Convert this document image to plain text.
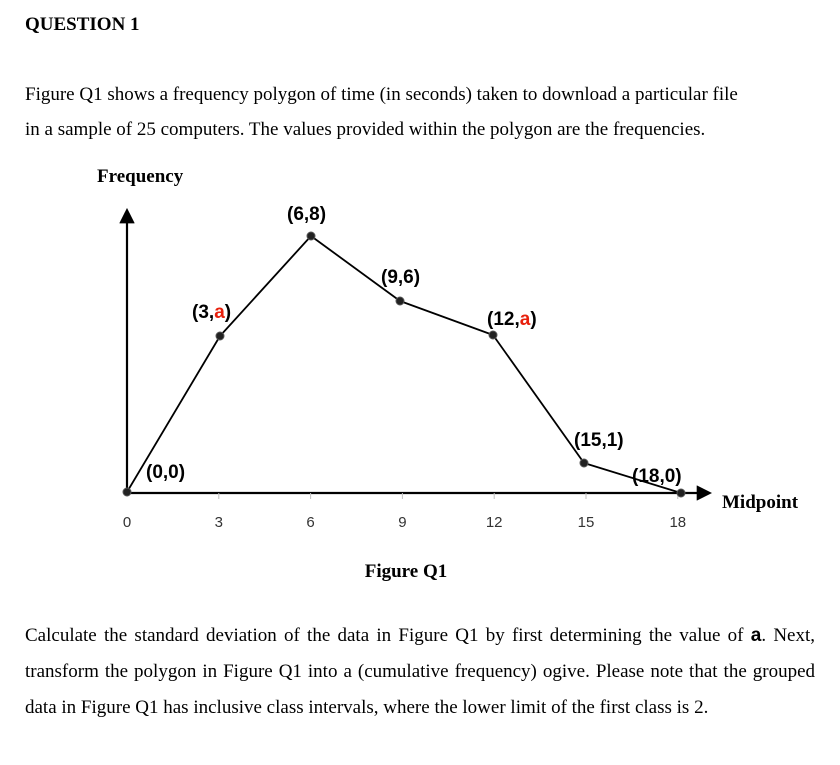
QUESTION 1
Figure Q1 shows a frequency polygon of time (in seconds) taken to download a particular file
in a sample of 25 computers. The values provided within the polygon are the frequencies.
0	3	6	9	12	15	18
(0,0)
(3,a)
(6,8)
(9,6)
(12,a)
(15,1)
(18,0)
Frequency
Midpoint
Figure Q1
Calculate the standard deviation of the data in Figure Q1 by first determining the value of a. Next, transform the polygon in Figure Q1 into a (cumulative frequency) ogive. Please note that the grouped data in Figure Q1 has inclusive class intervals, where the lower limit of the first class is 2.
